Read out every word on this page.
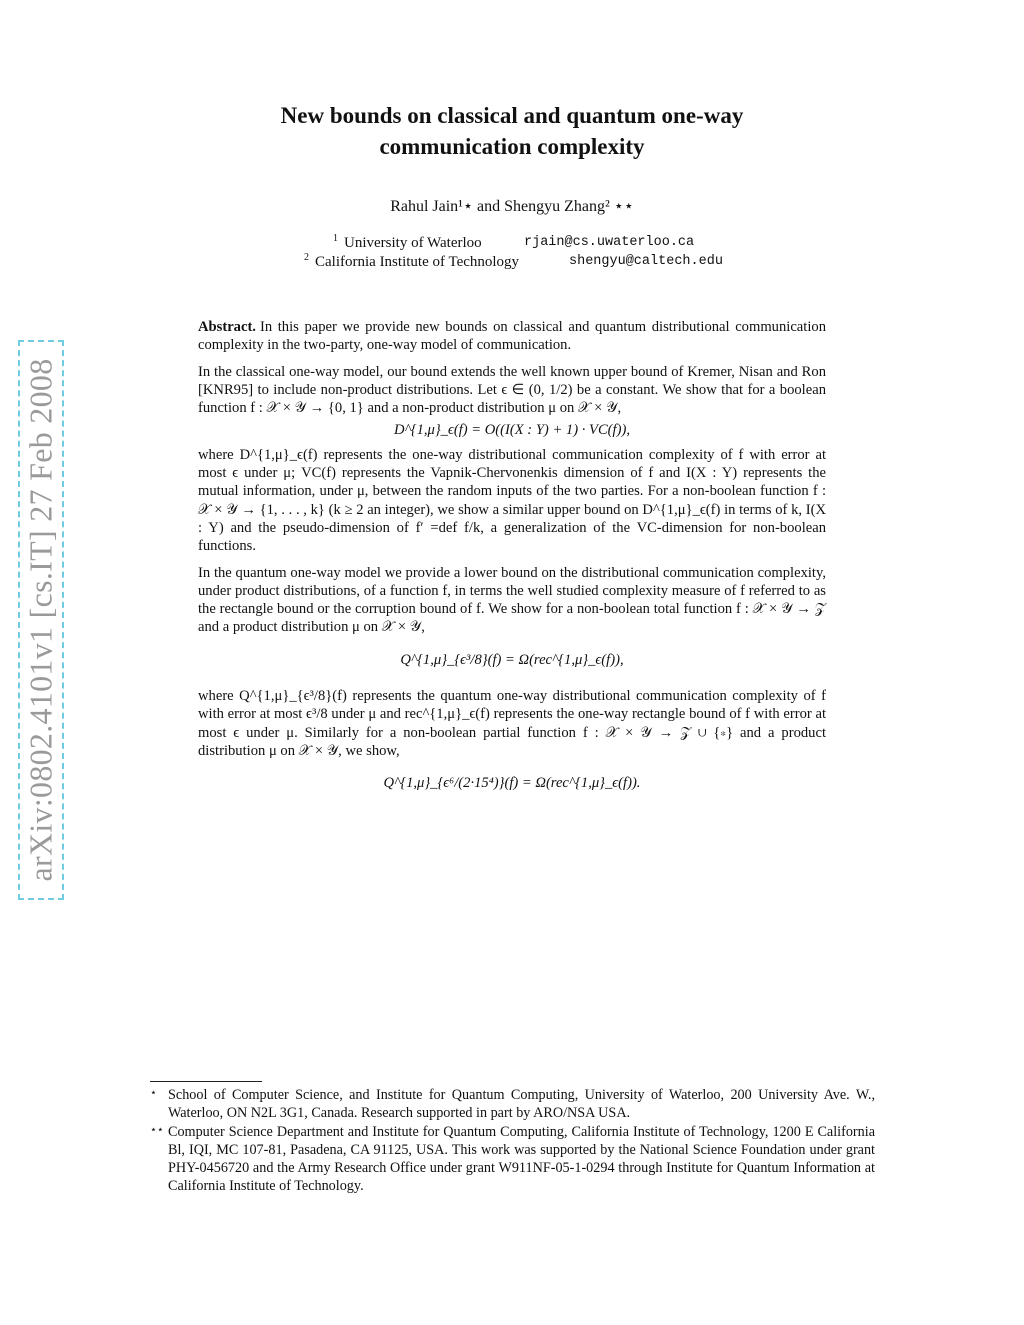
arXiv:0802.4101v1 [cs.IT] 27 Feb 2008
New bounds on classical and quantum one-way
communication complexity
Rahul Jain¹⋆ and Shengyu Zhang² ⋆⋆
$^1$ University of Waterloo	rjain@cs.uwaterloo.ca
$^2$ California Institute of Technology	shengyu@caltech.edu

Abstract. In this paper we provide new bounds on classical and quantum distributional communication complexity in the two-party, one-way model of communication.

In the classical one-way model, our bound extends the well known upper bound of Kremer, Nisan and Ron [KNR95] to include non-product distributions. Let ϵ ∈ (0, 1/2) be a constant. We show that for a boolean function f : 𝒳 × 𝒴 → {0, 1} and a non-product distribution μ on 𝒳 × 𝒴,

D^{1,μ}_ϵ(f) = O((I(X : Y) + 1) · VC(f)),

where D^{1,μ}_ϵ(f) represents the one-way distributional communication complexity of f with error at most ϵ under μ; VC(f) represents the Vapnik-Chervonenkis dimension of f and I(X : Y) represents the mutual information, under μ, between the random inputs of the two parties. For a non-boolean function f : 𝒳 × 𝒴 → {1, . . . , k} (k ≥ 2 an integer), we show a similar upper bound on D^{1,μ}_ϵ(f) in terms of k, I(X : Y) and the pseudo-dimension of f′ =def f/k, a generalization of the VC-dimension for non-boolean functions.

In the quantum one-way model we provide a lower bound on the distributional communication complexity, under product distributions, of a function f, in terms the well studied complexity measure of f referred to as the rectangle bound or the corruption bound of f. We show for a non-boolean total function f : 𝒳 × 𝒴 → 𝒵 and a product distribution μ on 𝒳 × 𝒴,

Q^{1,μ}_{ϵ³/8}(f) = Ω(rec^{1,μ}_ϵ(f)),

where Q^{1,μ}_{ϵ³/8}(f) represents the quantum one-way distributional communication complexity of f with error at most ϵ³/8 under μ and rec^{1,μ}_ϵ(f) represents the one-way rectangle bound of f with error at most ϵ under μ. Similarly for a non-boolean partial function f : 𝒳 × 𝒴 → 𝒵 ∪ {∗} and a product distribution μ on 𝒳 × 𝒴, we show,

Q^{1,μ}_{ϵ⁶/(2·15⁴)}(f) = Ω(rec^{1,μ}_ϵ(f)).

⋆ School of Computer Science, and Institute for Quantum Computing, University of Waterloo, 200 University Ave. W., Waterloo, ON N2L 3G1, Canada. Research supported in part by ARO/NSA USA.

⋆⋆ Computer Science Department and Institute for Quantum Computing, California Institute of Technology, 1200 E California Bl, IQI, MC 107-81, Pasadena, CA 91125, USA. This work was supported by the National Science Foundation under grant PHY-0456720 and the Army Research Office under grant W911NF-05-1-0294 through Institute for Quantum Information at California Institute of Technology.
